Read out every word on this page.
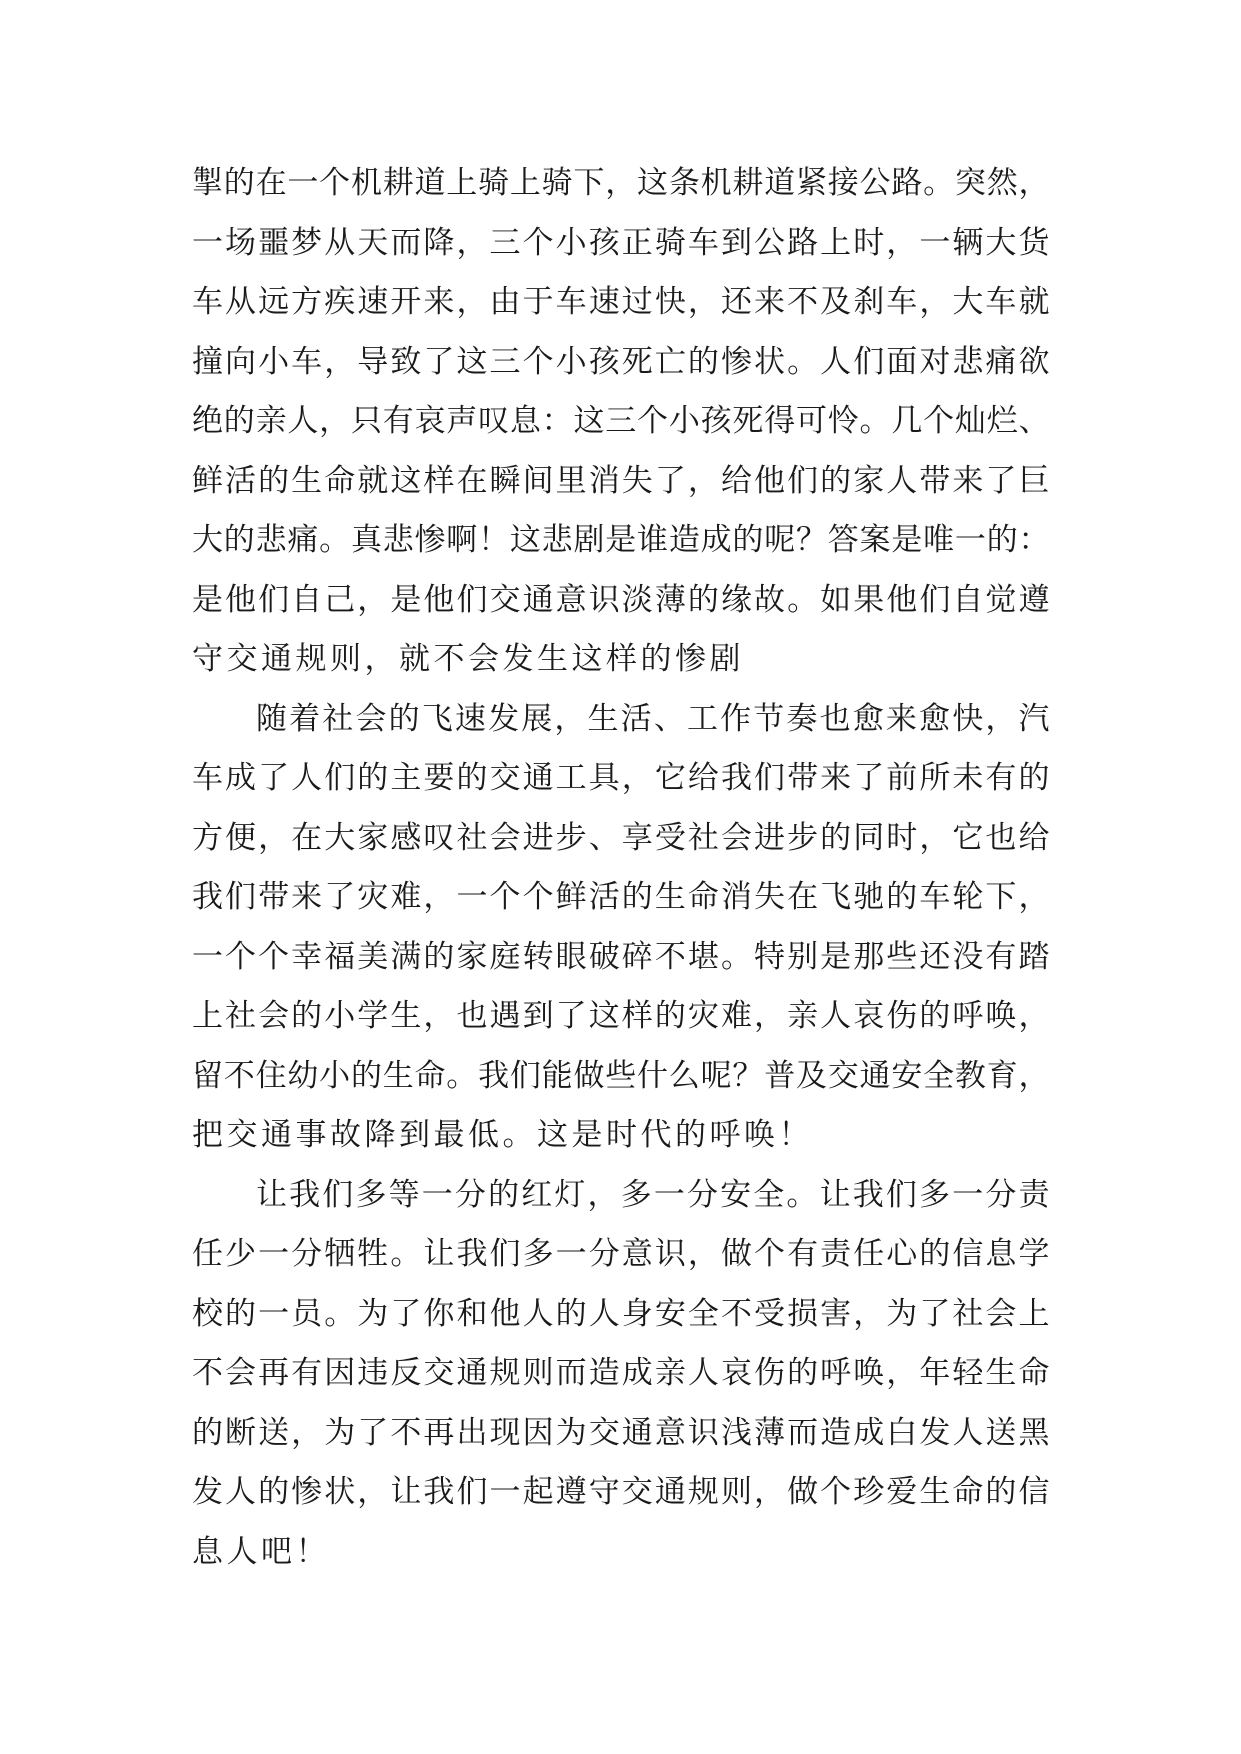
掣的在一个机耕道上骑上骑下，这条机耕道紧接公路。突然，
一场噩梦从天而降，三个小孩正骑车到公路上时，一辆大货
车从远方疾速开来，由于车速过快，还来不及刹车，大车就
撞向小车，导致了这三个小孩死亡的惨状。人们面对悲痛欲
绝的亲人，只有哀声叹息：这三个小孩死得可怜。几个灿烂、
鲜活的生命就这样在瞬间里消失了，给他们的家人带来了巨
大的悲痛。真悲惨啊！这悲剧是谁造成的呢？答案是唯一的：
是他们自己，是他们交通意识淡薄的缘故。如果他们自觉遵
守交通规则，就不会发生这样的惨剧
随着社会的飞速发展，生活、工作节奏也愈来愈快，汽
车成了人们的主要的交通工具，它给我们带来了前所未有的
方便，在大家感叹社会进步、享受社会进步的同时，它也给
我们带来了灾难，一个个鲜活的生命消失在飞驰的车轮下，
一个个幸福美满的家庭转眼破碎不堪。特别是那些还没有踏
上社会的小学生，也遇到了这样的灾难，亲人哀伤的呼唤，
留不住幼小的生命。我们能做些什么呢？普及交通安全教育，
把交通事故降到最低。这是时代的呼唤！
让我们多等一分的红灯，多一分安全。让我们多一分责
任少一分牺牲。让我们多一分意识，做个有责任心的信息学
校的一员。为了你和他人的人身安全不受损害，为了社会上
不会再有因违反交通规则而造成亲人哀伤的呼唤，年轻生命
的断送，为了不再出现因为交通意识浅薄而造成白发人送黑
发人的惨状，让我们一起遵守交通规则，做个珍爱生命的信
息人吧！
